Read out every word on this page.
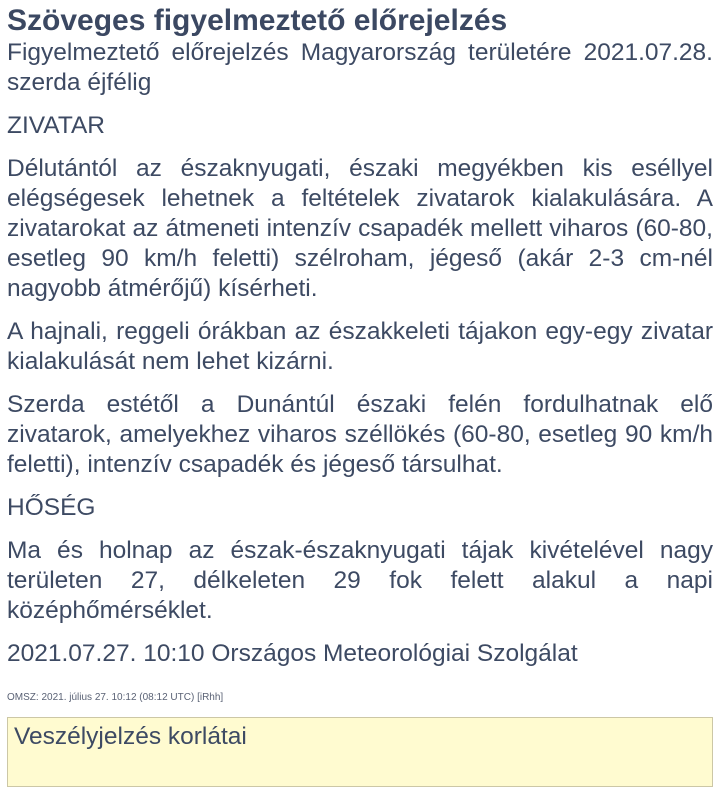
Szöveges figyelmeztető előrejelzés

Figyelmeztető előrejelzés Magyarország területére 2021.07.28. szerda éjfélig

ZIVATAR

Délutántól az északnyugati, északi megyékben kis eséllyel elégségesek lehetnek a feltételek zivatarok kialakulására. A zivatarokat az átmeneti intenzív csapadék mellett viharos (60-80, esetleg 90 km/h feletti) szélroham, jégeső (akár 2-3 cm-nél nagyobb átmérőjű) kísérheti.

A hajnali, reggeli órákban az északkeleti tájakon egy-egy zivatar kialakulását nem lehet kizárni.

Szerda estétől a Dunántúl északi felén fordulhatnak elő zivatarok, amelyekhez viharos széllökés (60-80, esetleg 90 km/h feletti), intenzív csapadék és jégeső társulhat.

HŐSÉG

Ma és holnap az észak-északnyugati tájak kivételével nagy területen 27, délkeleten 29 fok felett alakul a napi középhőmérséklet.

2021.07.27. 10:10 Országos Meteorológiai Szolgálat

OMSZ: 2021. július 27. 10:12 (08:12 UTC) [iRhh]
Veszélyjelzés korlátai
